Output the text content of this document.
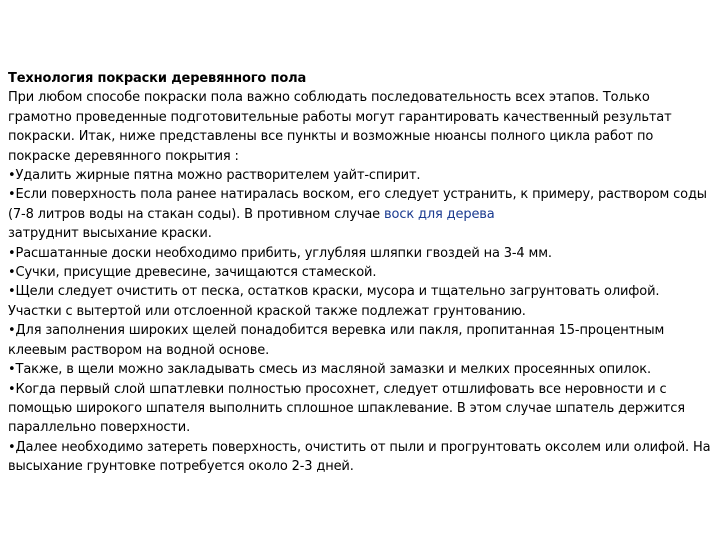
Технология покраски деревянного пола

При любом способе покраски пола важно соблюдать последовательность всех этапов. Только грамотно проведенные подготовительные работы могут гарантировать качественный результат покраски. Итак, ниже представлены все пункты и возможные нюансы полного цикла работ по покраске деревянного покрытия :

•Удалить жирные пятна можно растворителем уайт-спирит.
•Если поверхность пола ранее натиралась воском, его следует устранить, к примеру, раствором соды (7-8 литров воды на стакан соды). В противном случае воск для дерева
затруднит высыхание краски.
•Расшатанные доски необходимо прибить, углубляя шляпки гвоздей на 3-4 мм.
•Сучки, присущие древесине, зачищаются стамеской.
•Щели следует очистить от песка, остатков краски, мусора и тщательно загрунтовать олифой. Участки с вытертой или отслоенной краской также подлежат грунтованию.
•Для заполнения широких щелей понадобится веревка или пакля, пропитанная 15-процентным клеевым раствором на водной основе.
•Также, в щели можно закладывать смесь из масляной замазки и мелких просеянных опилок.
•Когда первый слой шпатлевки полностью просохнет, следует отшлифовать все неровности и с помощью широкого шпателя выполнить сплошное шпаклевание. В этом случае шпатель держится параллельно поверхности.
•Далее необходимо затереть поверхность, очистить от пыли и прогрунтовать оксолем или олифой. На высыхание грунтовке потребуется около 2-3 дней.
